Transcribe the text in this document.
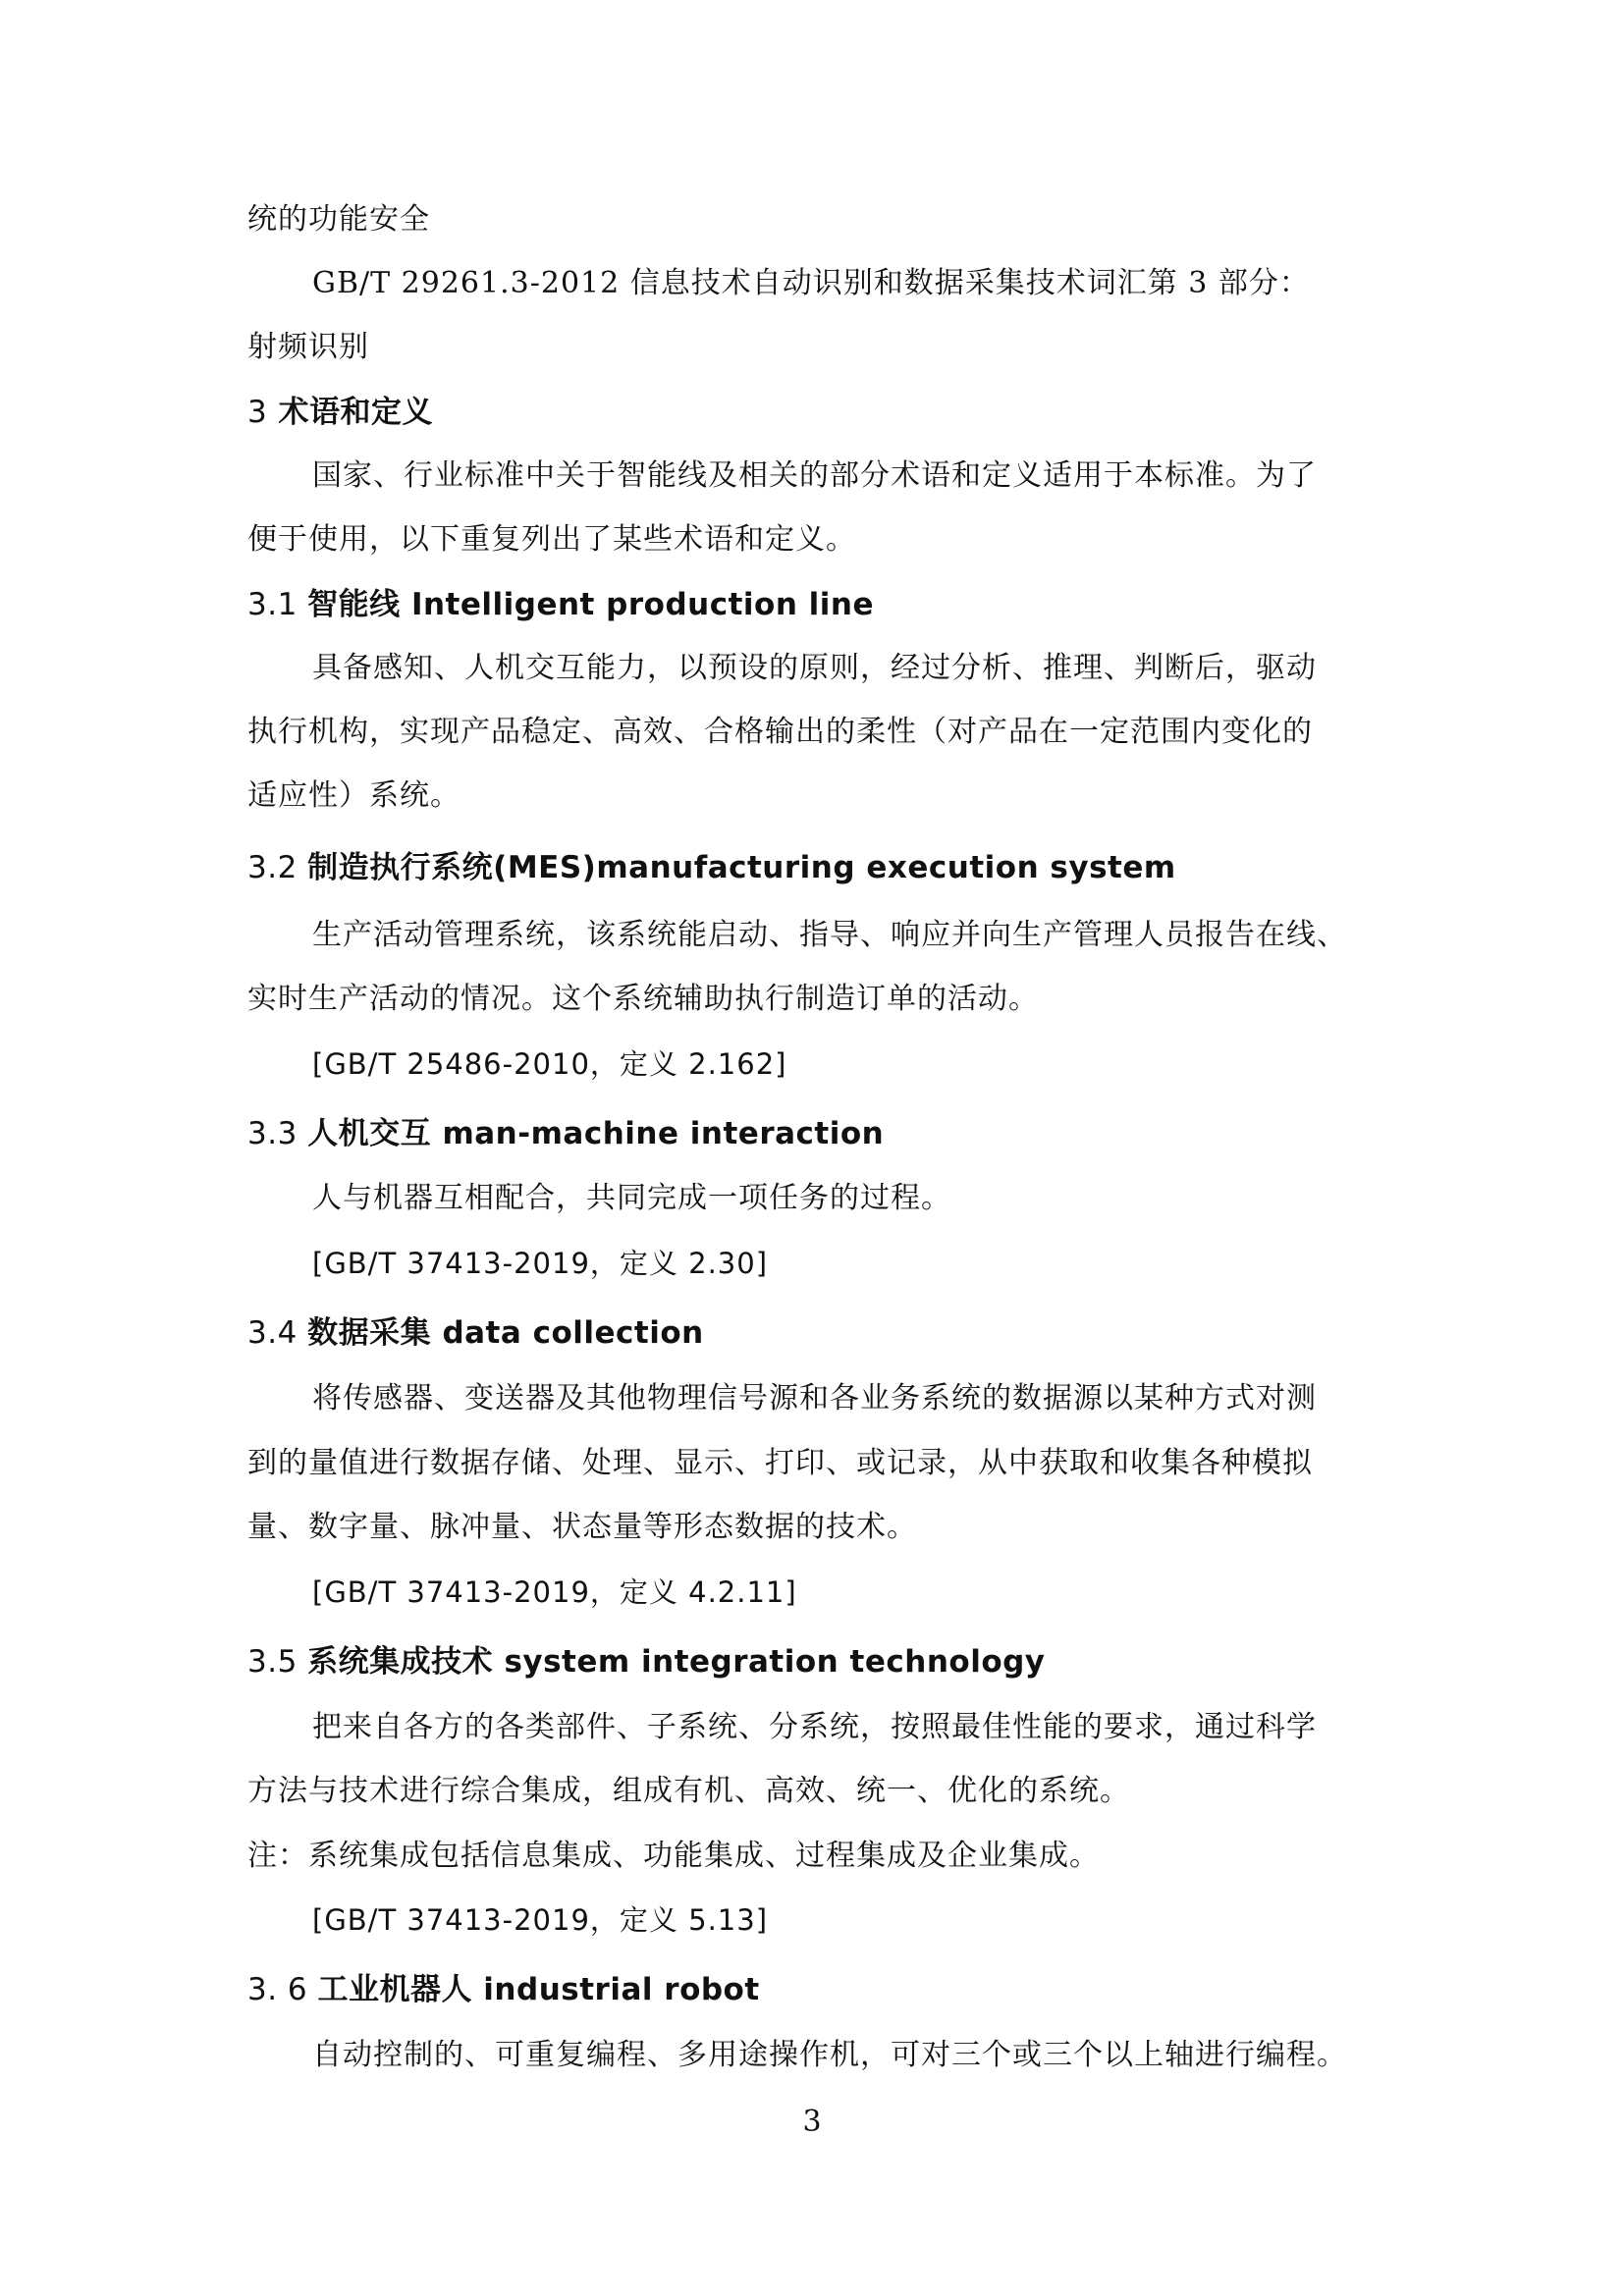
统的功能安全
GB/T 29261.3-2012 信息技术自动识别和数据采集技术词汇第 3 部分：
射频识别
3 术语和定义
国家、行业标准中关于智能线及相关的部分术语和定义适用于本标准。为了
便于使用，以下重复列出了某些术语和定义。
3.1 智能线 Intelligent production line
具备感知、人机交互能力，以预设的原则，经过分析、推理、判断后，驱动
执行机构，实现产品稳定、高效、合格输出的柔性（对产品在一定范围内变化的
适应性）系统。
3.2 制造执行系统(MES)manufacturing execution system
生产活动管理系统，该系统能启动、指导、响应并向生产管理人员报告在线、
实时生产活动的情况。这个系统辅助执行制造订单的活动。
[GB/T 25486-2010，定义 2.162]
3.3 人机交互 man-machine interaction
人与机器互相配合，共同完成一项任务的过程。
[GB/T 37413-2019，定义 2.30]
3.4 数据采集 data collection
将传感器、变送器及其他物理信号源和各业务系统的数据源以某种方式对测
到的量值进行数据存储、处理、显示、打印、或记录，从中获取和收集各种模拟
量、数字量、脉冲量、状态量等形态数据的技术。
[GB/T 37413-2019，定义 4.2.11]
3.5 系统集成技术 system integration technology
把来自各方的各类部件、子系统、分系统，按照最佳性能的要求，通过科学
方法与技术进行综合集成，组成有机、高效、统一、优化的系统。
注：系统集成包括信息集成、功能集成、过程集成及企业集成。
[GB/T 37413-2019，定义 5.13]
3. 6 工业机器人 industrial robot
自动控制的、可重复编程、多用途操作机，可对三个或三个以上轴进行编程。
3
